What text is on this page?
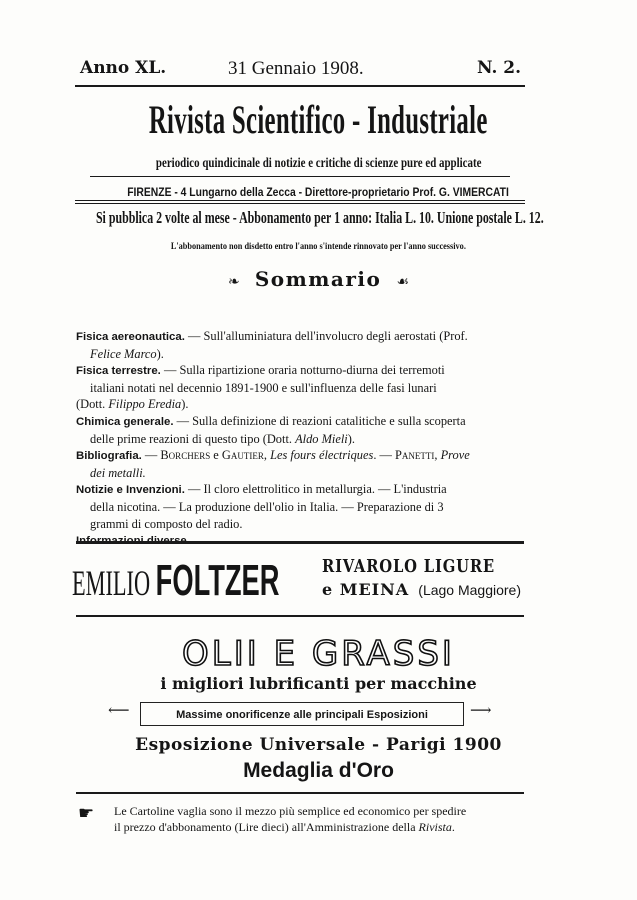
Anno XL.	31 Gennaio 1908.	N. 2.
Rivista Scientifico - Industriale
periodico quindicinale di notizie e critiche di scienze pure ed applicate
FIRENZE - 4 Lungarno della Zecca - Direttore-proprietario Prof. G. VIMERCATI
Si pubblica 2 volte al mese - Abbonamento per 1 anno: Italia L. 10. Unione postale L. 12.
L'abbonamento non disdetto entro l'anno s'intende rinnovato per l'anno successivo.
❧ Sommario ☙

Fisica aereonautica. — Sull'alluminiatura dell'involucro degli aerostati (Prof.

Felice Marco).

Fisica terrestre. — Sulla ripartizione oraria notturno-diurna dei terremoti

italiani notati nel decennio 1891-1900 e sull'influenza delle fasi lunari

(Dott. Filippo Eredia).

Chimica generale. — Sulla definizione di reazioni catalitiche e sulla scoperta

delle prime reazioni di questo tipo (Dott. Aldo Mieli).

Bibliografia. — Borchers e Gautier, Les fours électriques. — Panetti, Prove

dei metalli.

Notizie e Invenzioni. — Il cloro elettrolitico in metallurgia. — L'industria

della nicotina. — La produzione dell'olio in Italia. — Preparazione di 3

grammi di composto del radio.

EMILIO FOLTZER	RIVAROLO LIGURE
e MEINA (Lago Maggiore)
OLII E GRASSI
i migliori lubrificanti per macchine
Massime onorificenze alle principali Esposizioni
⟵	⟶
Esposizione Universale - Parigi 1900
Medaglia d'Oro
☛ Le Cartoline vaglia sono il mezzo più semplice ed economico per spedire
il prezzo d'abbonamento (Lire dieci) all'Amministrazione della Rivista.
